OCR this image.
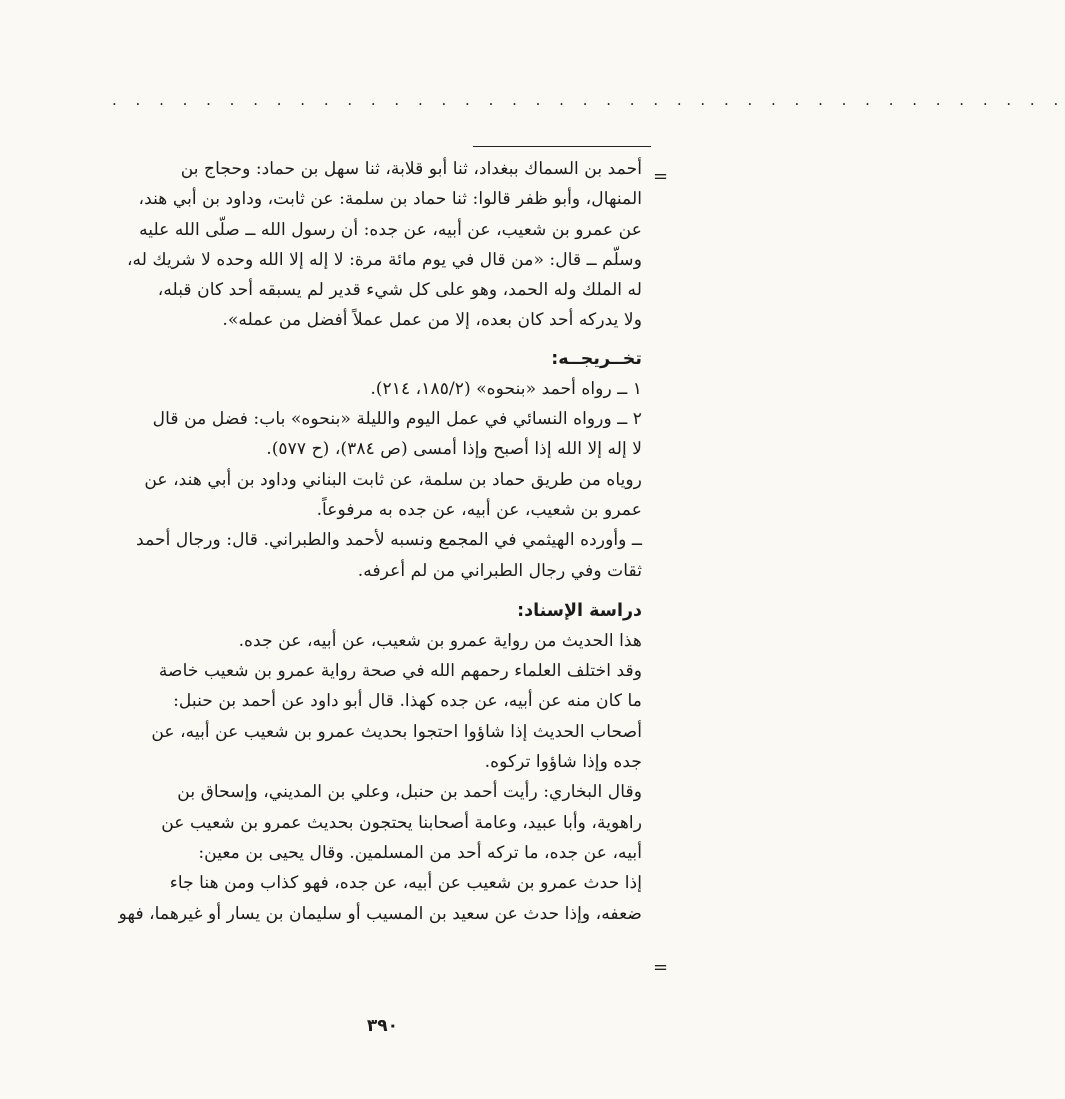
· · · · · · · · · · · · · · · · · · · · · · · · · · · · · · · · · · · · · · · · ·
=
=
أحمد بن السماك ببغداد، ثنا أبو قلابة، ثنا سهل بن حماد: وحجاج بن
المنهال، وأبو ظفر قالوا: ثنا حماد بن سلمة: عن ثابت، وداود بن أبي هند،
عن عمرو بن شعيب، عن أبيه، عن جده: أن رسول الله ــ صلّى الله عليه
وسلّم ــ قال: «من قال في يوم مائة مرة: لا إله إلا الله وحده لا شريك له،
له الملك وله الحمد، وهو على كل شيء قدير لم يسبقه أحد كان قبله،
ولا يدركه أحد كان بعده، إلا من عمل عملاً أفضل من عمله».
تخــريجــه:
١ ــ رواه أحمد «بنحوه» (١٨٥/٢، ٢١٤).
٢ ــ ورواه النسائي في عمل اليوم والليلة «بنحوه» باب: فضل من قال
لا إله إلا الله إذا أصبح وإذا أمسى (ص ٣٨٤)، (ح ٥٧٧).
روياه من طريق حماد بن سلمة، عن ثابت البناني وداود بن أبي هند، عن
عمرو بن شعيب، عن أبيه، عن جده به مرفوعاً.
ــ وأورده الهيثمي في المجمع ونسبه لأحمد والطبراني. قال: ورجال أحمد
ثقات وفي رجال الطبراني من لم أعرفه.
دراسة الإسناد:
هذا الحديث من رواية عمرو بن شعيب، عن أبيه، عن جده.
وقد اختلف العلماء رحمهم الله في صحة رواية عمرو بن شعيب خاصة
ما كان منه عن أبيه، عن جده كهذا. قال أبو داود عن أحمد بن حنبل:
أصحاب الحديث إذا شاؤوا احتجوا بحديث عمرو بن شعيب عن أبيه، عن
جده وإذا شاؤوا تركوه.
وقال البخاري: رأيت أحمد بن حنبل، وعلي بن المديني، وإسحاق بن
راهوية، وأبا عبيد، وعامة أصحابنا يحتجون بحديث عمرو بن شعيب عن
أبيه، عن جده، ما تركه أحد من المسلمين. وقال يحيى بن معين:
إذا حدث عمرو بن شعيب عن أبيه، عن جده، فهو كذاب ومن هنا جاء
ضعفه، وإذا حدث عن سعيد بن المسيب أو سليمان بن يسار أو غيرهما، فهو
٣٩٠
